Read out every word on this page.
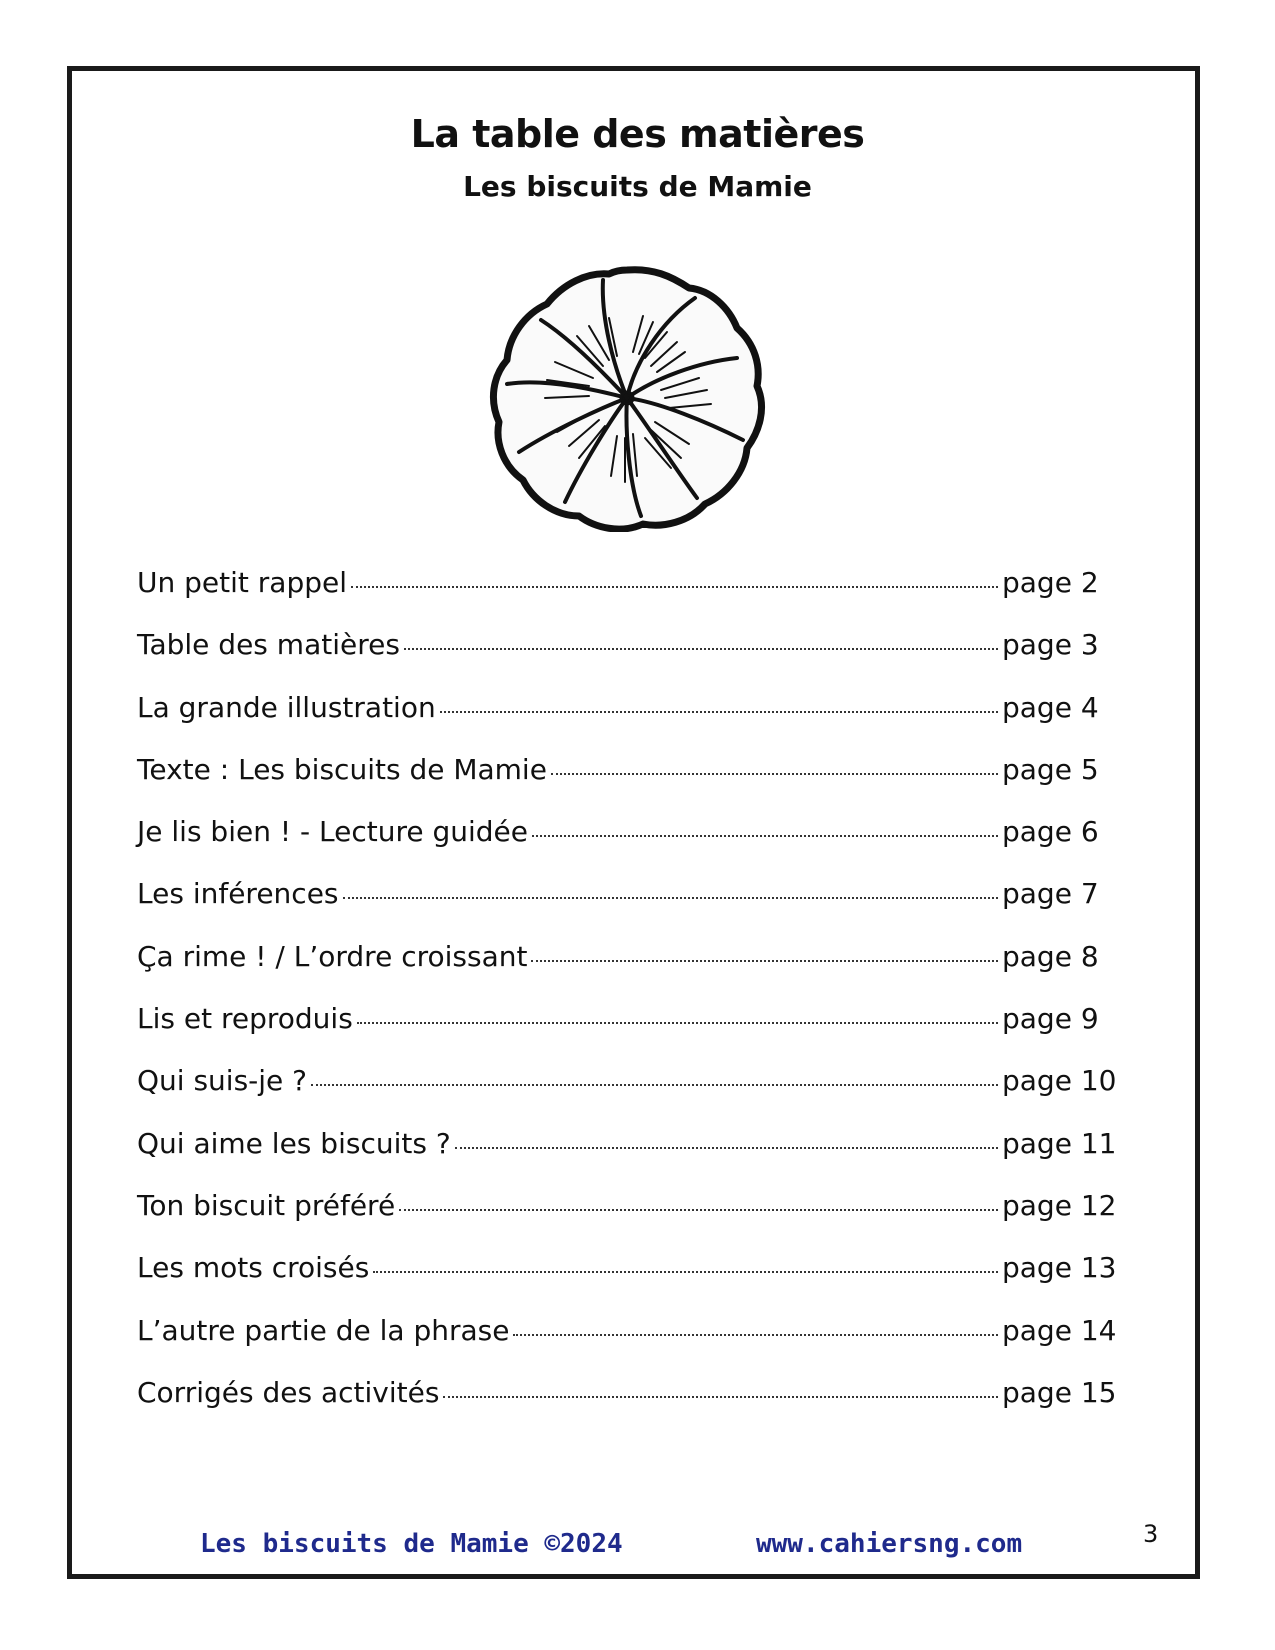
La table des matières
Les biscuits de Mamie
Un petit rappel	page 2
Table des matières	page 3
La grande illustration	page 4
Texte : Les biscuits de Mamie	page 5
Je lis bien ! - Lecture guidée	page 6
Les inférences	page 7
Ça rime ! / L’ordre croissant	page 8
Lis et reproduis	page 9
Qui suis-je ?	page 10
Qui aime les biscuits ?	page 11
Ton biscuit préféré	page 12
Les mots croisés	page 13
L’autre partie de la phrase	page 14
Corrigés des activités	page 15
Les biscuits de Mamie ©2024	www.cahiersng.com	3
